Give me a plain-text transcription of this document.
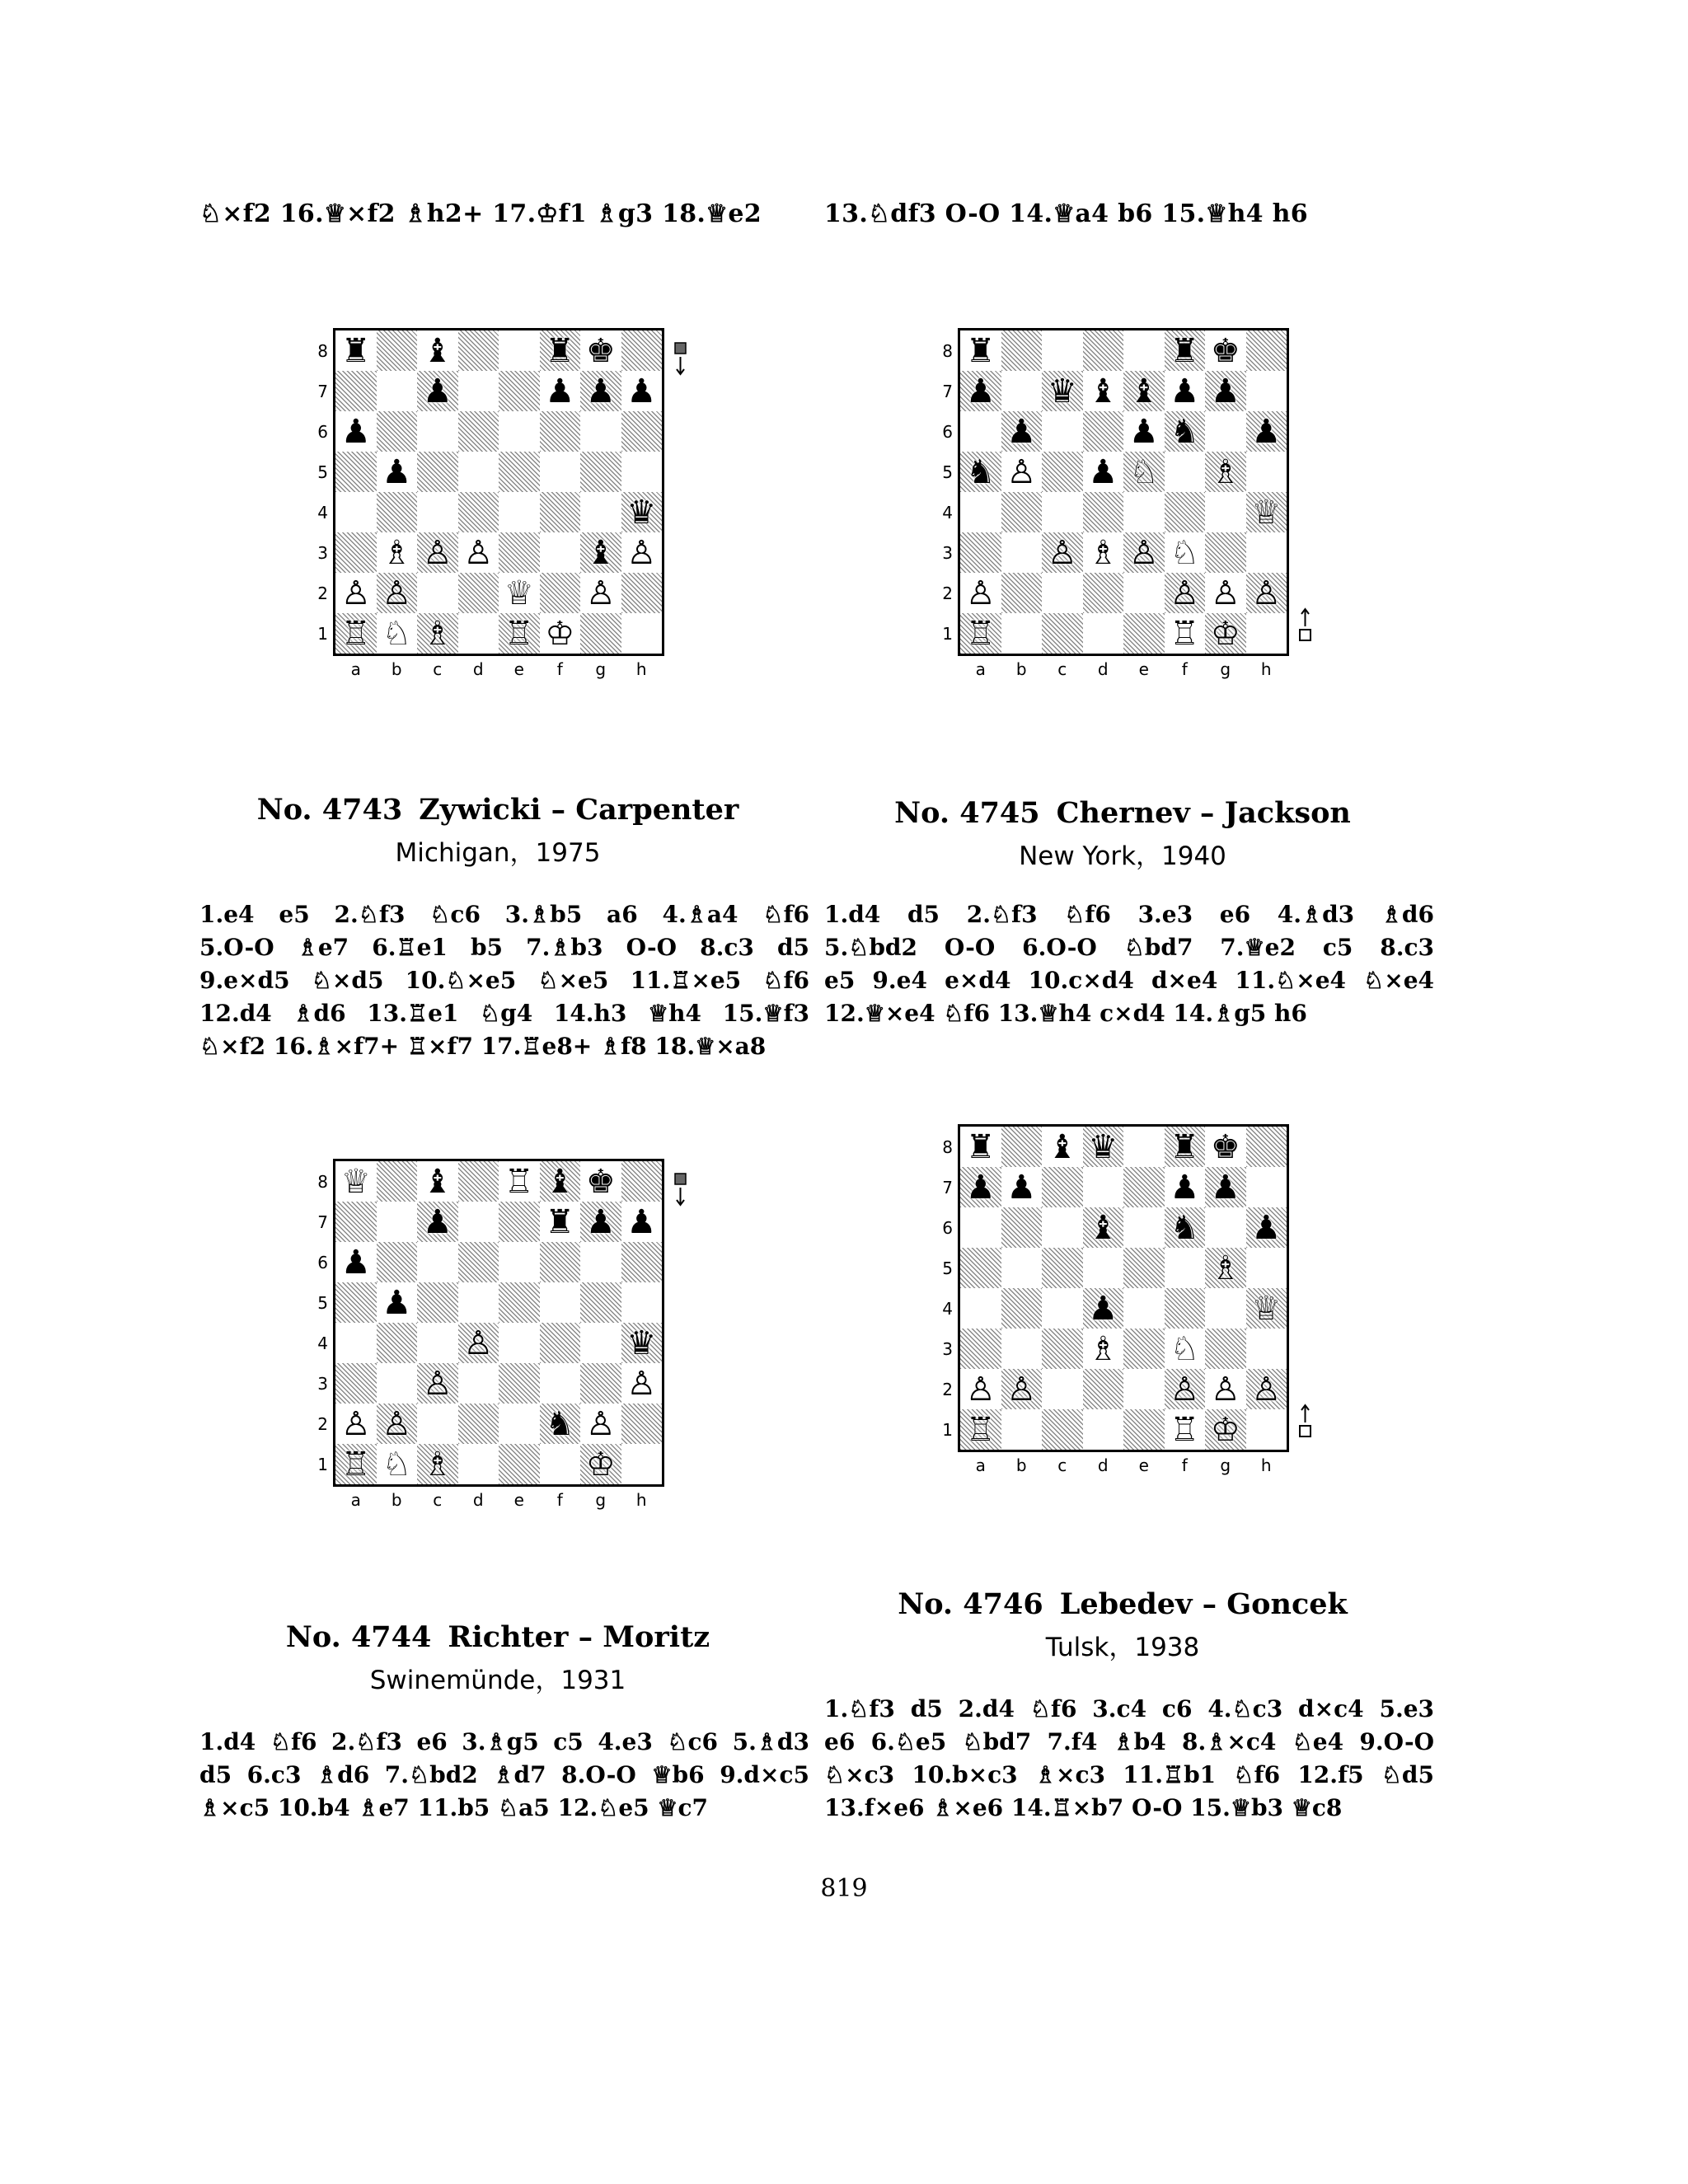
♘×f2 16.♕×f2 ♗h2+ 17.♔f1 ♗g3 18.♕e2	13.♘df3 O-O 14.♕a4 b6 15.♕h4 h6
♜ ♝	♜ ♚
♟	♟ ♟ ♟
♟
♟
♛
♗ ♙ ♙	♝ ♙
♙ ♙	♕ ♙
♖ ♘ ♗ ♖ ♔
8
7
6
5
4
3
2
1
a b c d e	f	g h
♜	♜ ♚
♟ ♛ ♝ ♝ ♟ ♟
♟	♟ ♞ ♟
♞ ♙ ♟ ♘ ♗
♕
♙ ♗ ♙ ♘
♙	♙ ♙ ♙
♖	♖ ♔
8
7
6
5
4
3
2
1
a b c d e	f	g h
♕ ♝ ♖ ♝ ♚
♟	♜ ♟ ♟
♟
♟
♙	♛
♙	♙
♙ ♙	♞ ♙
♖ ♘ ♗	♔
8
7
6
5
4
3
2
1
a b c d e	f	g h
♜ ♝ ♛ ♜ ♚
♟ ♟	♟ ♟
♝ ♞ ♟
♗
♟	♕
♗ ♘
♙ ♙	♙ ♙ ♙
♖	♖ ♔
8
7
6
5
4
3
2
1
a b c d e	f	g h
No. 4743 Zywicki – Carpenter
Michigan，1975
No. 4745 Chernev – Jackson
New York，1940
No. 4744 Richter – Moritz
Swinemünde，1931
No. 4746 Lebedev – Goncek
Tulsk，1938
1.e4 e5 2.♘f3 ♘c6 3.♗b5 a6 4.♗a4 ♘f6
5.O-O ♗e7 6.♖e1 b5 7.♗b3 O-O 8.c3 d5
9.e×d5 ♘×d5 10.♘×e5 ♘×e5 11.♖×e5 ♘f6
12.d4 ♗d6 13.♖e1 ♘g4 14.h3 ♕h4 15.♕f3
♘×f2 16.♗×f7+ ♖×f7 17.♖e8+ ♗f8 18.♕×a8
1.d4 d5 2.♘f3 ♘f6 3.e3 e6 4.♗d3 ♗d6
5.♘bd2 O-O 6.O-O ♘bd7 7.♕e2 c5 8.c3
e5 9.e4 e×d4 10.c×d4 d×e4 11.♘×e4 ♘×e4
12.♕×e4 ♘f6 13.♕h4 c×d4 14.♗g5 h6
1.d4 ♘f6 2.♘f3 e6 3.♗g5 c5 4.e3 ♘c6 5.♗d3
d5 6.c3 ♗d6 7.♘bd2 ♗d7 8.O-O ♕b6 9.d×c5
♗×c5 10.b4 ♗e7 11.b5 ♘a5 12.♘e5 ♕c7
1.♘f3 d5 2.d4 ♘f6 3.c4 c6 4.♘c3 d×c4 5.e3
e6 6.♘e5 ♘bd7 7.f4 ♗b4 8.♗×c4 ♘e4 9.O-O
♘×c3 10.b×c3 ♗×c3 11.♖b1 ♘f6 12.f5 ♘d5
13.f×e6 ♗×e6 14.♖×b7 O-O 15.♕b3 ♕c8
819
